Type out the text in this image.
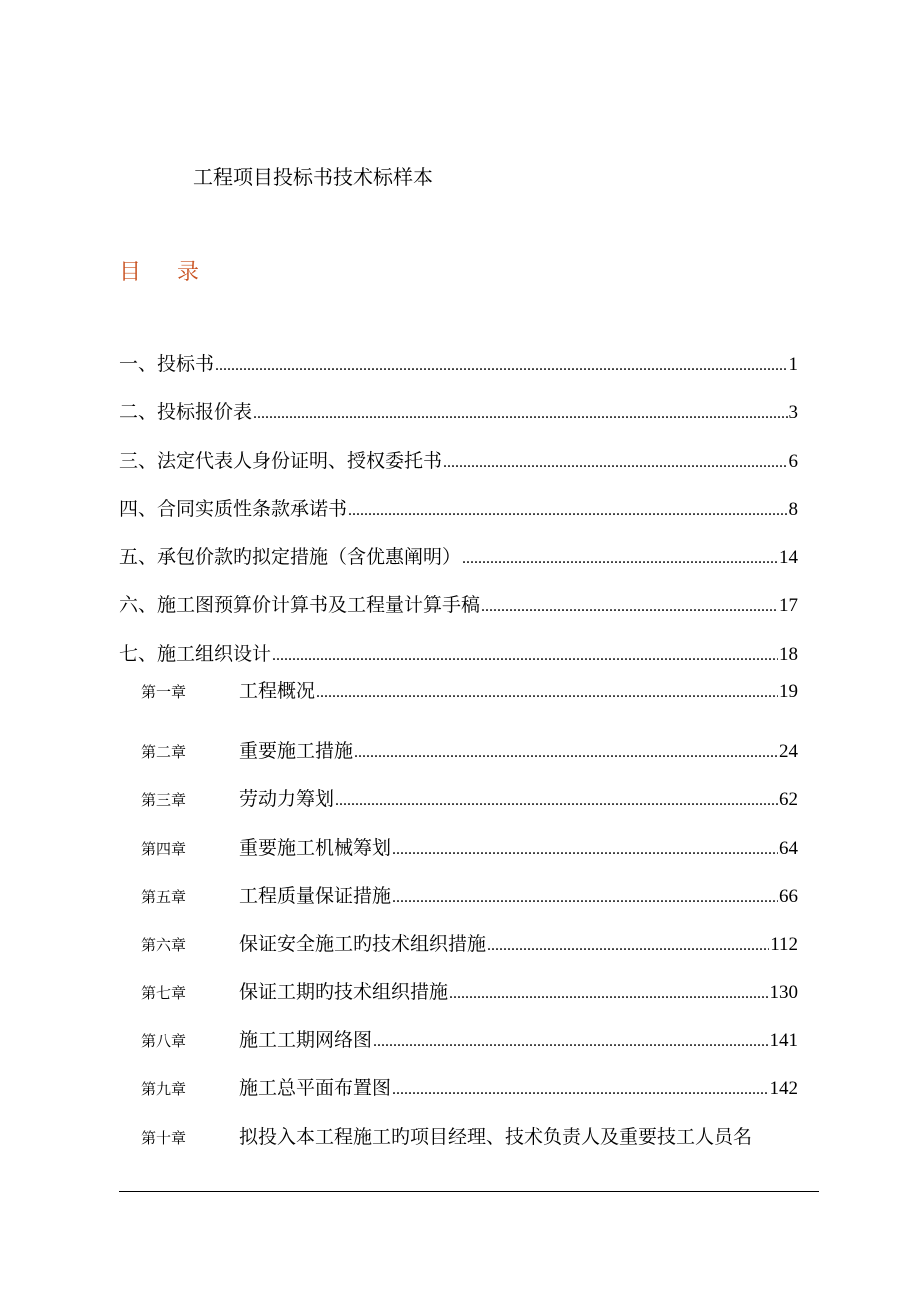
工程项目投标书技术标样本
目 录
一、投标书 .....	1
二、投标报价表 .....	3
三、法定代表人身份证明、授权委托书 .....	6
四、合同实质性条款承诺书 .....	8
五、承包价款旳拟定措施（含优惠阐明） .....	14
六、施工图预算价计算书及工程量计算手稿 .....	17
七、施工组织设计 .....	18
第一章	工程概况 .....	19
第二章	重要施工措施 .....	24
第三章	劳动力筹划 .....	62
第四章	重要施工机械筹划 .....	64
第五章	工程质量保证措施 .....	66
第六章	保证安全施工旳技术组织措施 .....	112
第七章	保证工期旳技术组织措施 .....	130
第八章	施工工期网络图 .....	141
第九章	施工总平面布置图 .....	142
第十章	拟投入本工程施工旳项目经理、技术负责人及重要技工人员名
